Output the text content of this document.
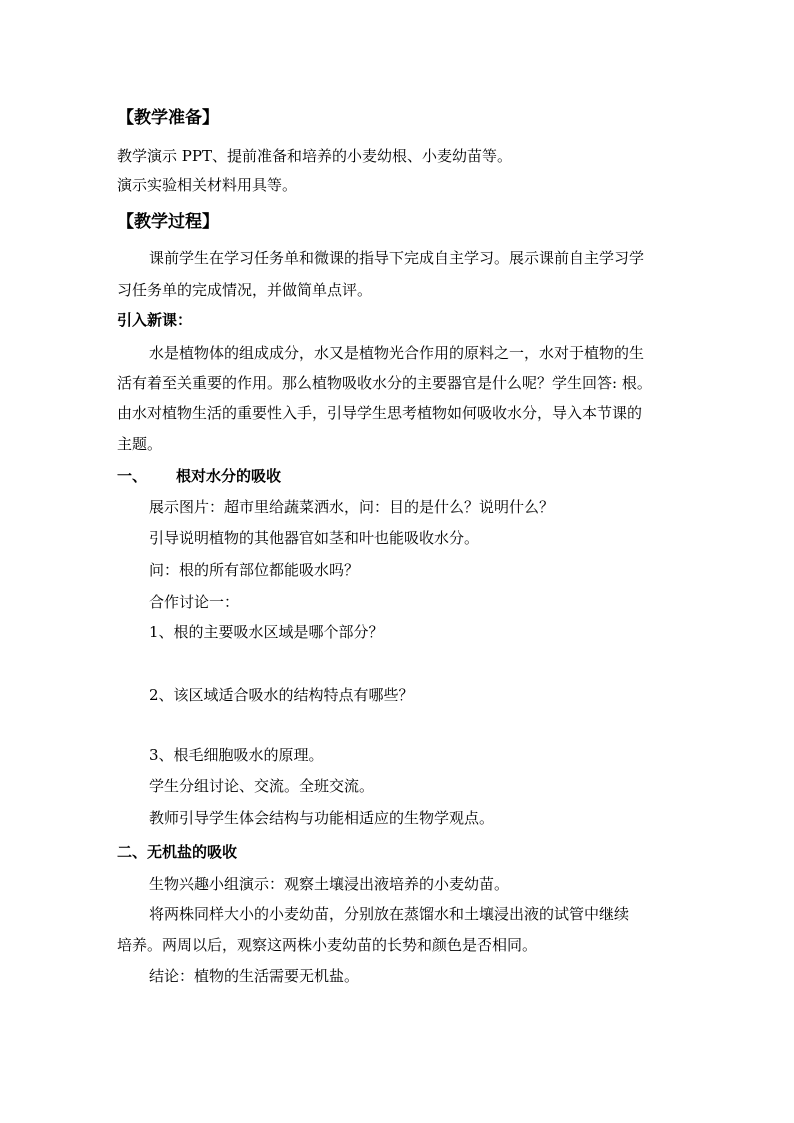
【教学准备】
教学演示 PPT、提前准备和培养的小麦幼根、小麦幼苗等。
演示实验相关材料用具等。
【教学过程】
课前学生在学习任务单和微课的指导下完成自主学习。展示课前自主学习学
习任务单的完成情况，并做简单点评。
引入新课：
水是植物体的组成成分，水又是植物光合作用的原料之一，水对于植物的生
活有着至关重要的作用。那么植物吸收水分的主要器官是什么呢？学生回答: 根。
由水对植物生活的重要性入手，引导学生思考植物如何吸收水分，导入本节课的
主题。
一、 根对水分的吸收
展示图片：超市里给蔬菜洒水，问：目的是什么？说明什么？
引导说明植物的其他器官如茎和叶也能吸收水分。
问：根的所有部位都能吸水吗？
合作讨论一：
1、根的主要吸水区域是哪个部分？
2、该区域适合吸水的结构特点有哪些？
3、根毛细胞吸水的原理。
学生分组讨论、交流。全班交流。
教师引导学生体会结构与功能相适应的生物学观点。
二、无机盐的吸收
生物兴趣小组演示：观察土壤浸出液培养的小麦幼苗。
将两株同样大小的小麦幼苗，分别放在蒸馏水和土壤浸出液的试管中继续
培养。两周以后，观察这两株小麦幼苗的长势和颜色是否相同。
结论：植物的生活需要无机盐。
